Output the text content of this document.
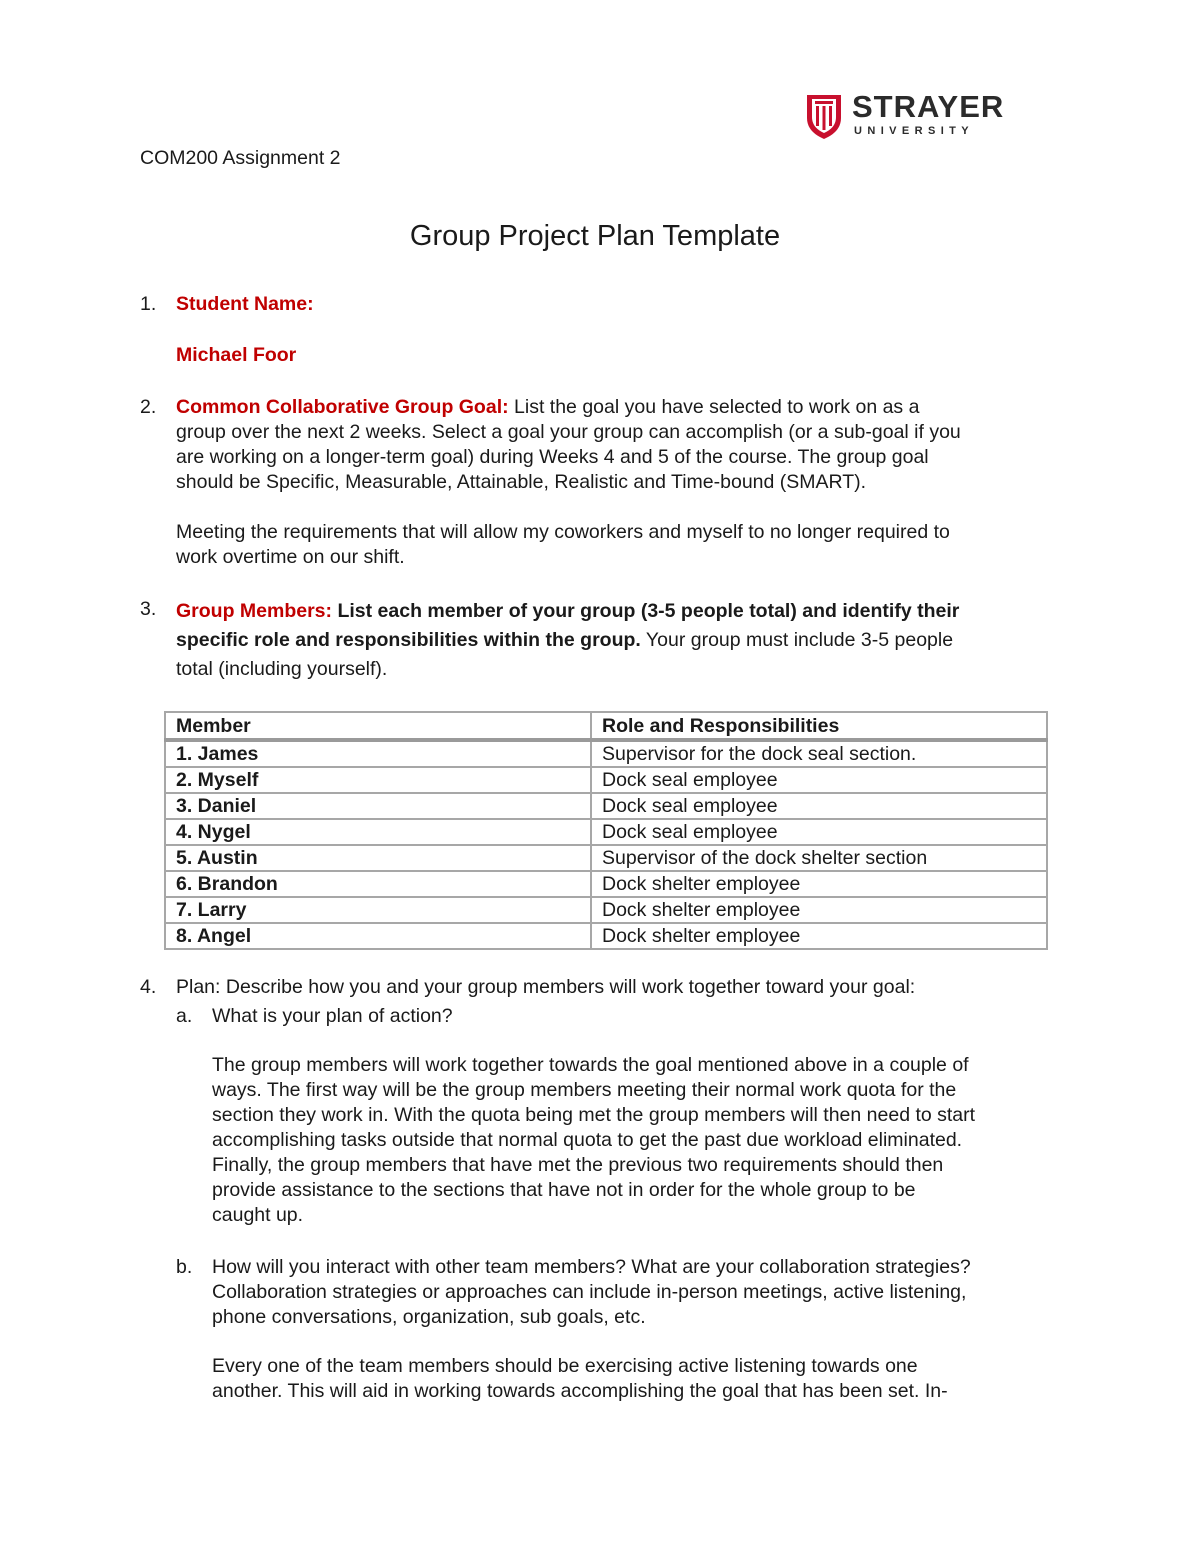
STRAYER
UNIVERSITY
COM200 Assignment 2
Group Project Plan Template
1.	Student Name:
Michael Foor
2.	Common Collaborative Group Goal: List the goal you have selected to work on as a
group over the next 2 weeks. Select a goal your group can accomplish (or a sub-goal if you
are working on a longer-term goal) during Weeks 4 and 5 of the course. The group goal
should be Specific, Measurable, Attainable, Realistic and Time-bound (SMART).
Meeting the requirements that will allow my coworkers and myself to no longer required to
work overtime on our shift.
3.	Group Members: List each member of your group (3-5 people total) and identify their
specific role and responsibilities within the group. Your group must include 3-5 people
total (including yourself).
Member	Role and Responsibilities
1. James	Supervisor for the dock seal section.
2. Myself	Dock seal employee
3. Daniel	Dock seal employee
4. Nygel	Dock seal employee
5. Austin	Supervisor of the dock shelter section
6. Brandon	Dock shelter employee
7. Larry	Dock shelter employee
8. Angel	Dock shelter employee
4.	Plan: Describe how you and your group members will work together toward your goal:
a.	What is your plan of action?
The group members will work together towards the goal mentioned above in a couple of
ways. The first way will be the group members meeting their normal work quota for the
section they work in. With the quota being met the group members will then need to start
accomplishing tasks outside that normal quota to get the past due workload eliminated.
Finally, the group members that have met the previous two requirements should then
provide assistance to the sections that have not in order for the whole group to be
caught up.
b.	How will you interact with other team members? What are your collaboration strategies?
Collaboration strategies or approaches can include in-person meetings, active listening,
phone conversations, organization, sub goals, etc.
Every one of the team members should be exercising active listening towards one
another. This will aid in working towards accomplishing the goal that has been set. In-
